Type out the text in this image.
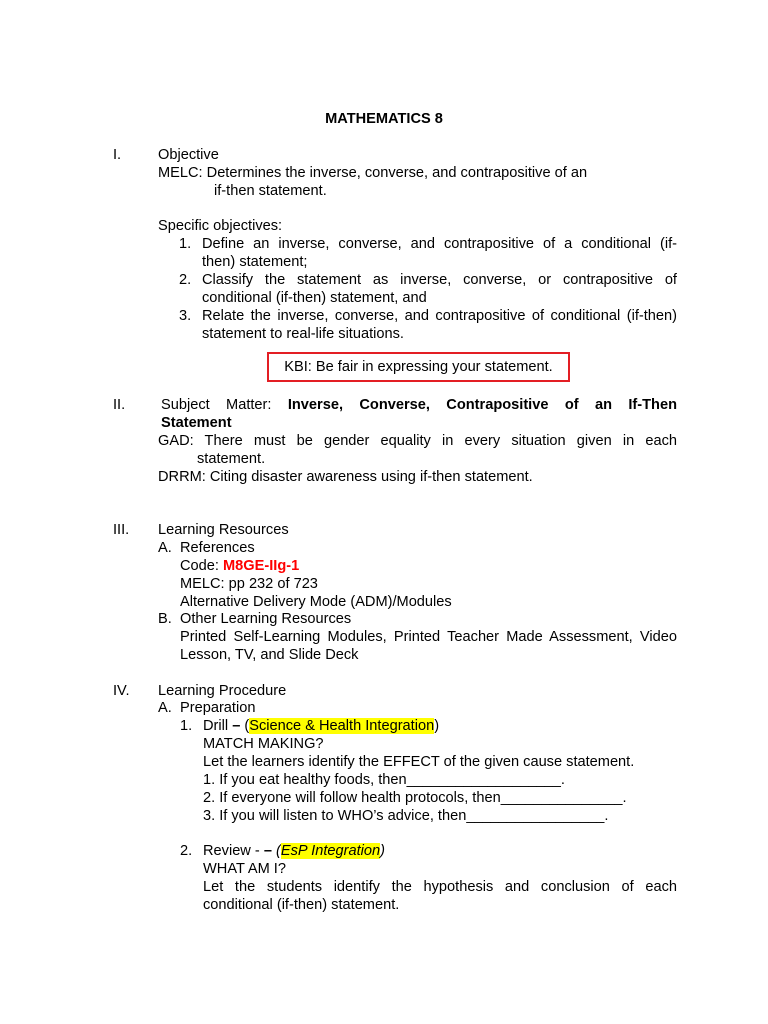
MATHEMATICS 8
I.	Objective
MELC: Determines the inverse, converse, and contrapositive of an
if-then statement.
Specific objectives:
1. Define an inverse, converse, and contrapositive of a conditional (if-
then) statement;
2. Classify the statement as inverse, converse, or contrapositive of
conditional (if-then) statement, and
3. Relate the inverse, converse, and contrapositive of conditional (if-then)
statement to real-life situations.
KBI: Be fair in expressing your statement.
II. Subject Matter: Inverse, Converse, Contrapositive of an If-Then
Statement
GAD: There must be gender equality in every situation given in each
statement.
DRRM: Citing disaster awareness using if-then statement.
III. Learning Resources
A. References
Code: M8GE-IIg-1
MELC: pp 232 of 723
Alternative Delivery Mode (ADM)/Modules
B. Other Learning Resources
Printed Self-Learning Modules, Printed Teacher Made Assessment, Video
Lesson, TV, and Slide Deck
IV. Learning Procedure
A. Preparation
1. Drill – (Science & Health Integration)
MATCH MAKING?
Let the learners identify the EFFECT of the given cause statement.
1. If you eat healthy foods, then___________________.
2. If everyone will follow health protocols, then_______________.
3. If you will listen to WHO’s advice, then_________________.
2. Review - – (EsP Integration)
WHAT AM I?
Let the students identify the hypothesis and conclusion of each
conditional (if-then) statement.
